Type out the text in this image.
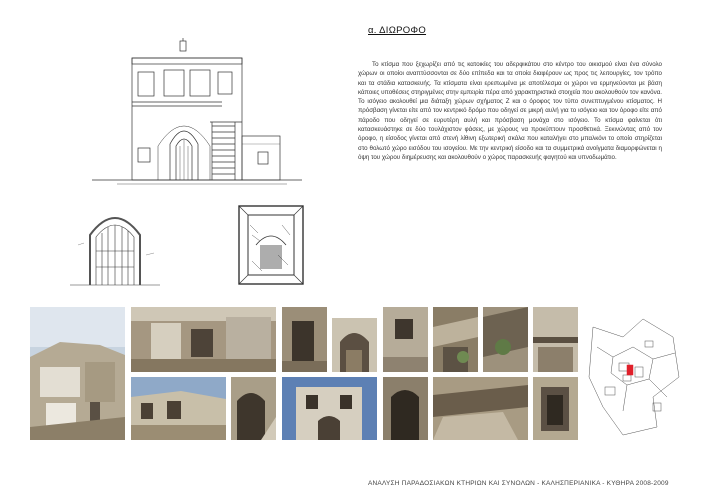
α. ΔΙΩΡΟΦΟ
Το κτίσμα που ξεχωρίζει από τις κατοικίες του αδερφικάτου στο κέντρο του οικισμού είναι ένα σύνολο χώρων οι οποίοι αναπτύσσονται σε δύο επίπεδα και τα οποία διαφέρουν ως προς τις λειτουργίες, τον τρόπο και τα στάδια κατασκευής. Τα κτίσματα είναι ερειπωμένα με αποτέλεσμα οι χώροι να ερμηνεύονται με βάση κάποιες υποθέσεις στηριγμένες στην εμπειρία πέρα από χαρακτηριστικά στοιχεία που ακολουθούν τον κανόνα. Το ισόγειο ακολουθεί μια διάταξη χώρων σχήματος Ζ και ο όροφος τον τύπο συνεπτυγμένου κτίσματος. Η πρόσβαση γίνεται είτε από τον κεντρικό δρόμο που οδηγεί σε μικρή αυλή για το ισόγειο και τον όροφο είτε από πάροδο που οδηγεί σε ευρυτέρη αυλή και πρόσβαση μονάχα στο ισόγειο. Το κτίσμα φαίνεται ότι κατασκευάστηκε σε δύο τουλάχιστον φάσεις, με χώρους να προκύπτουν προσθετικά. Ξεκινώντας από τον όροφο, η είσοδος γίνεται από στενή λίθινη εξωτερική σκάλα που καταλήγει στο μπαλκόνι το οποίο στηρίζεται στο θολωτό χώρο εισόδου του ισογείου. Με την κεντρική είσοδο και τα συμμετρικά ανοίγματα διαμορφώνεται η όψη του χώρου διημέρευσης και ακολουθούν ο χώρος παρασκευής φαγητού και υπνοδωμάτιο.
ΑΝΑΛΥΣΗ ΠΑΡΑΔΟΣΙΑΚΩΝ ΚΤΗΡΙΩΝ ΚΑΙ ΣΥΝΟΛΩΝ - ΚΑΛΗΣΠΕΡΙΑΝΙΚΑ - ΚΥΘΗΡΑ 2008-2009
